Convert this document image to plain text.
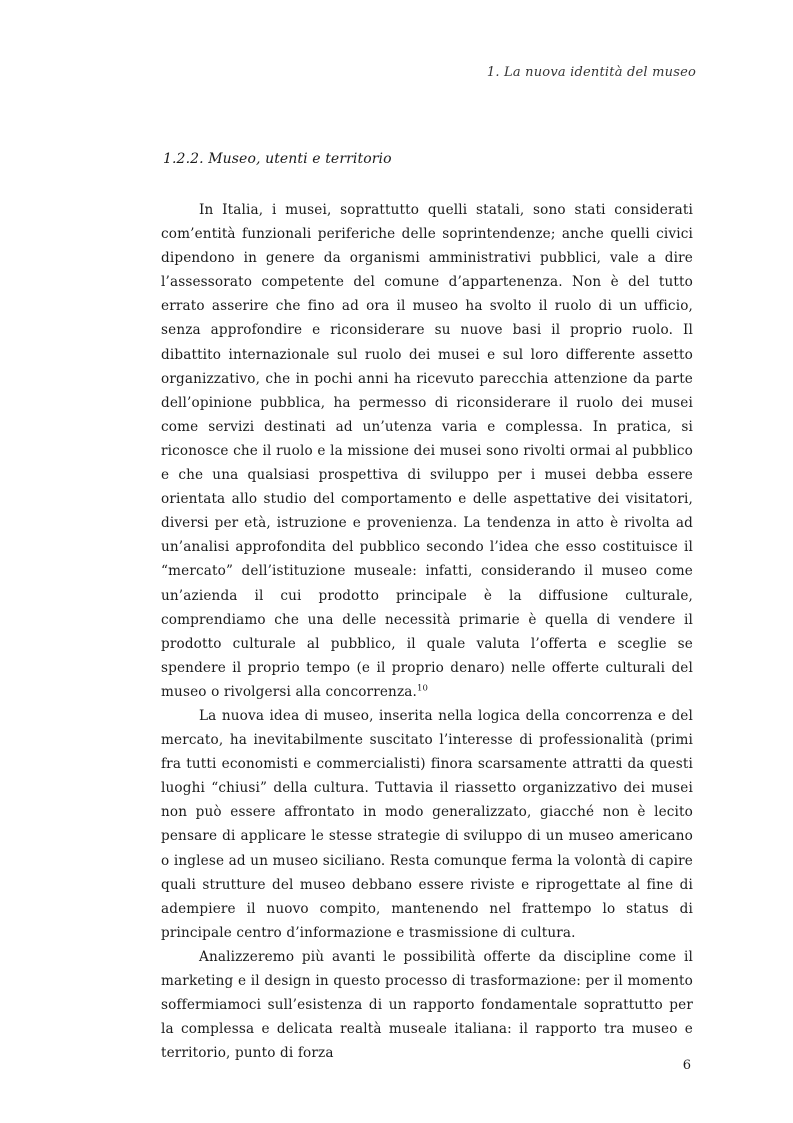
1. La nuova identità del museo
1.2.2. Museo, utenti e territorio

In Italia, i musei, soprattutto quelli statali, sono stati considerati com’entità funzionali periferiche delle soprintendenze; anche quelli civici dipendono in genere da organismi amministrativi pubblici, vale a dire l’assessorato competente del comune d’appartenenza. Non è del tutto errato asserire che fino ad ora il museo ha svolto il ruolo di un ufficio, senza approfondire e riconsiderare su nuove basi il proprio ruolo. Il dibattito internazionale sul ruolo dei musei e sul loro differente assetto organizzativo, che in pochi anni ha ricevuto parecchia attenzione da parte dell’opinione pubblica, ha permesso di riconsiderare il ruolo dei musei come servizi destinati ad un’utenza varia e complessa. In pratica, si riconosce che il ruolo e la missione dei musei sono rivolti ormai al pubblico e che una qualsiasi prospettiva di sviluppo per i musei debba essere orientata allo studio del comportamento e delle aspettative dei visitatori, diversi per età, istruzione e provenienza. La tendenza in atto è rivolta ad un’analisi approfondita del pubblico secondo l’idea che esso costituisce il “mercato” dell’istituzione museale: infatti, considerando il museo come un’azienda il cui prodotto principale è la diffusione culturale, comprendiamo che una delle necessità primarie è quella di vendere il prodotto culturale al pubblico, il quale valuta l’offerta e sceglie se spendere il proprio tempo (e il proprio denaro) nelle offerte culturali del museo o rivolgersi alla concorrenza.$^{10}$

La nuova idea di museo, inserita nella logica della concorrenza e del mercato, ha inevitabilmente suscitato l’interesse di professionalità (primi fra tutti economisti e commercialisti) finora scarsamente attratti da questi luoghi “chiusi” della cultura. Tuttavia il riassetto organizzativo dei musei non può essere affrontato in modo generalizzato, giacché non è lecito pensare di applicare le stesse strategie di sviluppo di un museo americano o inglese ad un museo siciliano. Resta comunque ferma la volontà di capire quali strutture del museo debbano essere riviste e riprogettate al fine di adempiere il nuovo compito, mantenendo nel frattempo lo status di principale centro d’informazione e trasmissione di cultura.

Analizzeremo più avanti le possibilità offerte da discipline come il marketing e il design in questo processo di trasformazione: per il momento soffermiamoci sull’esistenza di un rapporto fondamentale soprattutto per la complessa e delicata realtà museale italiana: il rapporto tra museo e territorio, punto di forza

6
